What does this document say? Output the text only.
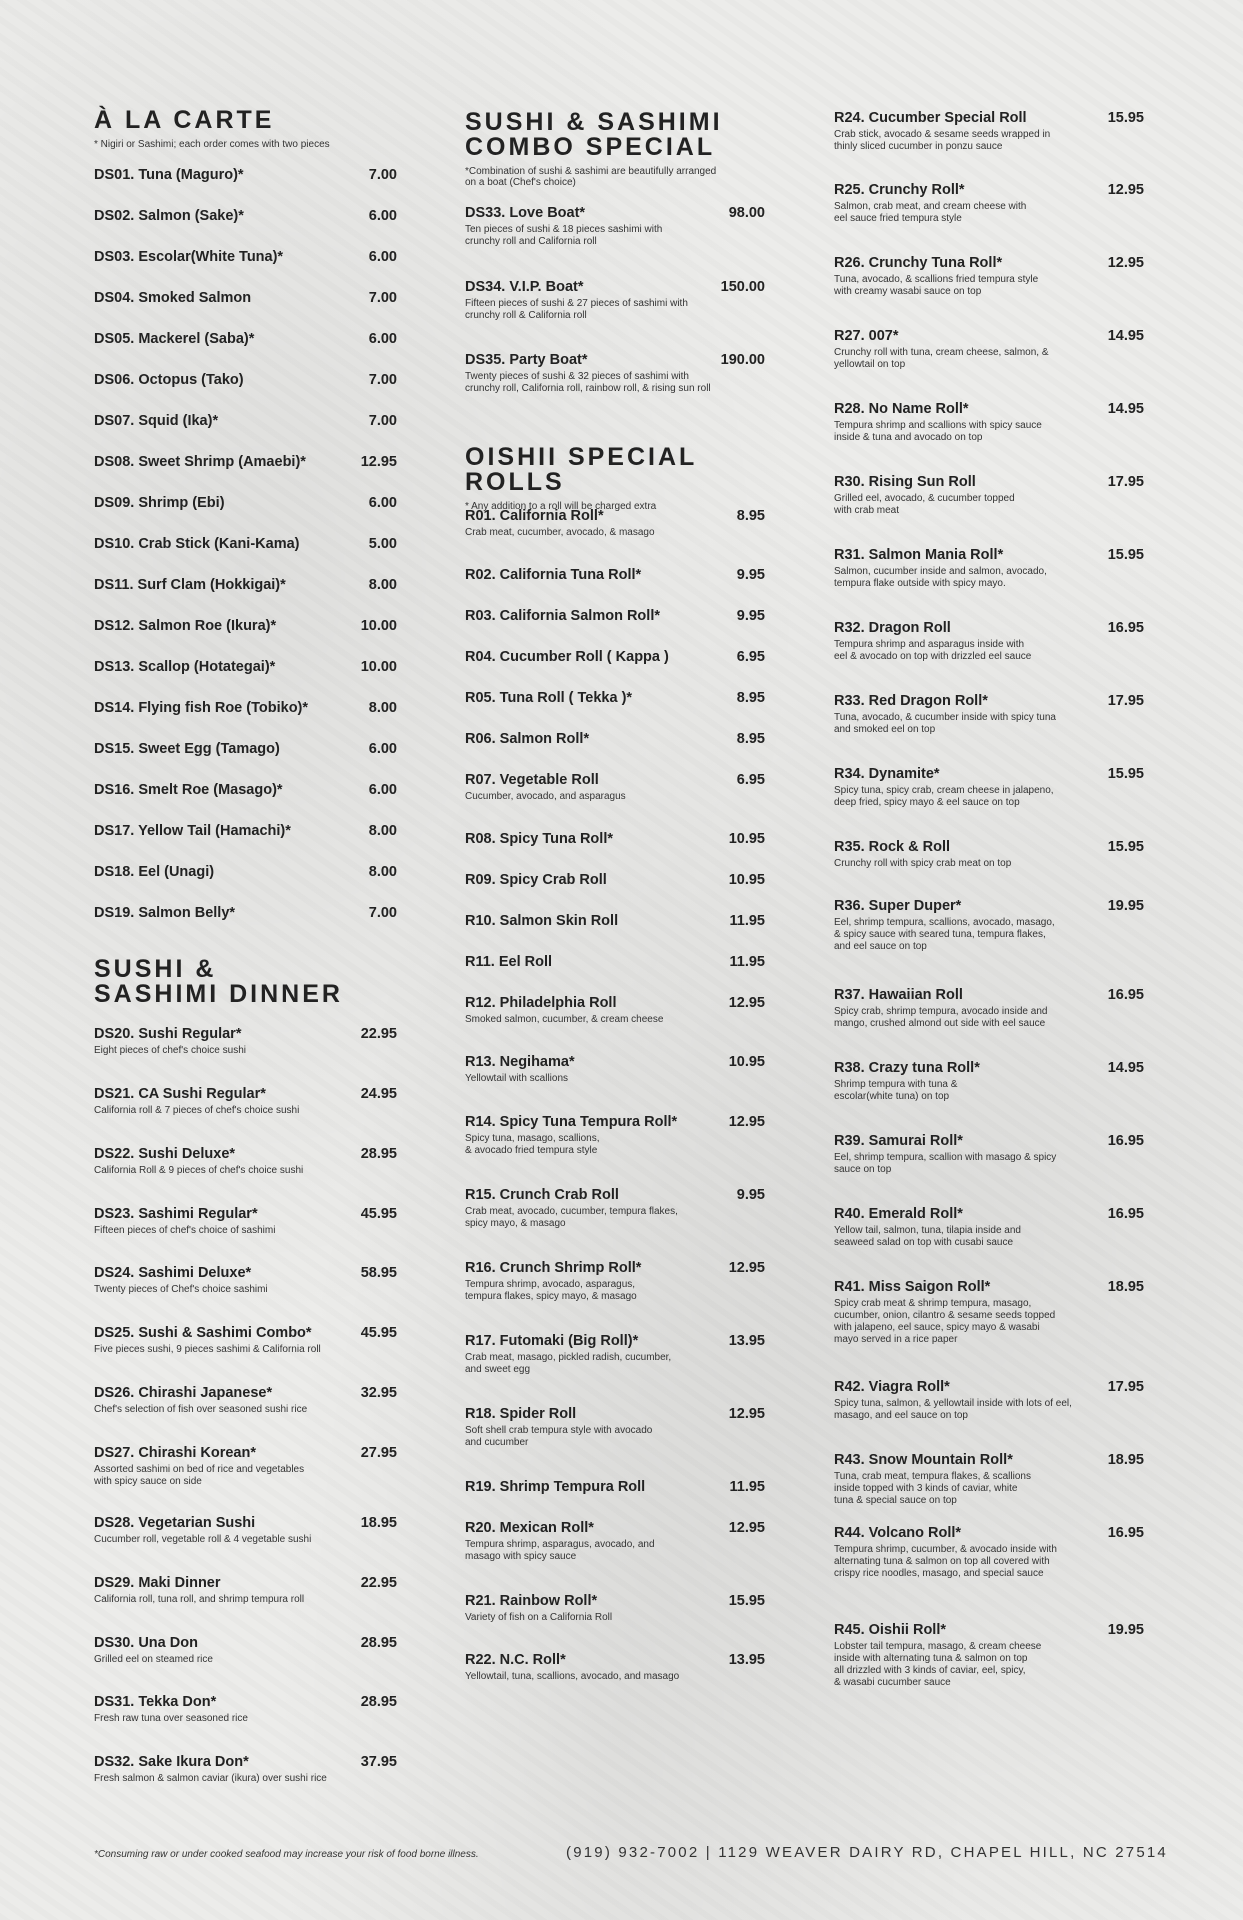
À LA CARTE
* Nigiri or Sashimi; each order comes with two pieces
DS01. Tuna (Maguro)*	7.00
DS02. Salmon (Sake)*	6.00
DS03. Escolar(White Tuna)*	6.00
DS04. Smoked Salmon	7.00
DS05. Mackerel (Saba)*	6.00
DS06. Octopus (Tako)	7.00
DS07. Squid (Ika)*	7.00
DS08. Sweet Shrimp (Amaebi)*	12.95
DS09. Shrimp (Ebi)	6.00
DS10. Crab Stick (Kani-Kama)	5.00
DS11. Surf Clam (Hokkigai)*	8.00
DS12. Salmon Roe (Ikura)*	10.00
DS13. Scallop (Hotategai)*	10.00
DS14. Flying fish Roe (Tobiko)*	8.00
DS15. Sweet Egg (Tamago)	6.00
DS16. Smelt Roe (Masago)*	6.00
DS17. Yellow Tail (Hamachi)*	8.00
DS18. Eel (Unagi)	8.00
DS19. Salmon Belly*	7.00
SUSHI &
SASHIMI DINNER
DS20. Sushi Regular*	22.95
Eight pieces of chef's choice sushi
DS21. CA Sushi Regular*	24.95
California roll & 7 pieces of chef's choice sushi
DS22. Sushi Deluxe*	28.95
California Roll & 9 pieces of chef's choice sushi
DS23. Sashimi Regular*	45.95
Fifteen pieces of chef's choice of sashimi
DS24. Sashimi Deluxe*	58.95
Twenty pieces of Chef's choice sashimi
DS25. Sushi & Sashimi Combo*	45.95
Five pieces sushi, 9 pieces sashimi & California roll
DS26. Chirashi Japanese*	32.95
Chef's selection of fish over seasoned sushi rice
DS27. Chirashi Korean*	27.95
Assorted sashimi on bed of rice and vegetables
with spicy sauce on side
DS28. Vegetarian Sushi	18.95
Cucumber roll, vegetable roll & 4 vegetable sushi
DS29. Maki Dinner	22.95
California roll, tuna roll, and shrimp tempura roll
DS30. Una Don	28.95
Grilled eel on steamed rice
DS31. Tekka Don*	28.95
Fresh raw tuna over seasoned rice
DS32. Sake Ikura Don*	37.95
Fresh salmon & salmon caviar (ikura) over sushi rice
SUSHI & SASHIMI
COMBO SPECIAL
*Combination of sushi & sashimi are beautifully arranged
on a boat (Chef's choice)
DS33. Love Boat*	98.00
Ten pieces of sushi & 18 pieces sashimi with
crunchy roll and California roll
DS34. V.I.P. Boat*	150.00
Fifteen pieces of sushi & 27 pieces of sashimi with
crunchy roll & California roll
DS35. Party Boat*	190.00
Twenty pieces of sushi & 32 pieces of sashimi with
crunchy roll, California roll, rainbow roll, & rising sun roll
OISHII SPECIAL ROLLS
* Any addition to a roll will be charged extra
R01. California Roll*	8.95
Crab meat, cucumber, avocado, & masago
R02. California Tuna Roll*	9.95
R03. California Salmon Roll*	9.95
R04. Cucumber Roll ( Kappa )	6.95
R05. Tuna Roll ( Tekka )*	8.95
R06. Salmon Roll*	8.95
R07. Vegetable Roll	6.95
Cucumber, avocado, and asparagus
R08. Spicy Tuna Roll*	10.95
R09. Spicy Crab Roll	10.95
R10. Salmon Skin Roll	11.95
R11. Eel Roll	11.95
R12. Philadelphia Roll	12.95
Smoked salmon, cucumber, & cream cheese
R13. Negihama*	10.95
Yellowtail with scallions
R14. Spicy Tuna Tempura Roll*	12.95
Spicy tuna, masago, scallions,
& avocado fried tempura style
R15. Crunch Crab Roll	9.95
Crab meat, avocado, cucumber, tempura flakes,
spicy mayo, & masago
R16. Crunch Shrimp Roll*	12.95
Tempura shrimp, avocado, asparagus,
tempura flakes, spicy mayo, & masago
R17. Futomaki (Big Roll)*	13.95
Crab meat, masago, pickled radish, cucumber,
and sweet egg
R18. Spider Roll	12.95
Soft shell crab tempura style with avocado
and cucumber
R19. Shrimp Tempura Roll	11.95
R20. Mexican Roll*	12.95
Tempura shrimp, asparagus, avocado, and
masago with spicy sauce
R21. Rainbow Roll*	15.95
Variety of fish on a California Roll
R22. N.C. Roll*	13.95
Yellowtail, tuna, scallions, avocado, and masago
R24. Cucumber Special Roll	15.95
Crab stick, avocado & sesame seeds wrapped in
thinly sliced cucumber in ponzu sauce
R25. Crunchy Roll*	12.95
Salmon, crab meat, and cream cheese with
eel sauce fried tempura style
R26. Crunchy Tuna Roll*	12.95
Tuna, avocado, & scallions fried tempura style
with creamy wasabi sauce on top
R27. 007*	14.95
Crunchy roll with tuna, cream cheese, salmon, &
yellowtail on top
R28. No Name Roll*	14.95
Tempura shrimp and scallions with spicy sauce
inside & tuna and avocado on top
R30. Rising Sun Roll	17.95
Grilled eel, avocado, & cucumber topped
with crab meat
R31. Salmon Mania Roll*	15.95
Salmon, cucumber inside and salmon, avocado,
tempura flake outside with spicy mayo.
R32. Dragon Roll	16.95
Tempura shrimp and asparagus inside with
eel & avocado on top with drizzled eel sauce
R33. Red Dragon Roll*	17.95
Tuna, avocado, & cucumber inside with spicy tuna
and smoked eel on top
R34. Dynamite*	15.95
Spicy tuna, spicy crab, cream cheese in jalapeno,
deep fried, spicy mayo & eel sauce on top
R35. Rock & Roll	15.95
Crunchy roll with spicy crab meat on top
R36. Super Duper*	19.95
Eel, shrimp tempura, scallions, avocado, masago,
& spicy sauce with seared tuna, tempura flakes,
and eel sauce on top
R37. Hawaiian Roll	16.95
Spicy crab, shrimp tempura, avocado inside and
mango, crushed almond out side with eel sauce
R38. Crazy tuna Roll*	14.95
Shrimp tempura with tuna &
escolar(white tuna) on top
R39. Samurai Roll*	16.95
Eel, shrimp tempura, scallion with masago & spicy
sauce on top
R40. Emerald Roll*	16.95
Yellow tail, salmon, tuna, tilapia inside and
seaweed salad on top with cusabi sauce
R41. Miss Saigon Roll*	18.95
Spicy crab meat & shrimp tempura, masago,
cucumber, onion, cilantro & sesame seeds topped
with jalapeno, eel sauce, spicy mayo & wasabi
mayo served in a rice paper
R42. Viagra Roll*	17.95
Spicy tuna, salmon, & yellowtail inside with lots of eel,
masago, and eel sauce on top
R43. Snow Mountain Roll*	18.95
Tuna, crab meat, tempura flakes, & scallions
inside topped with 3 kinds of caviar, white
tuna & special sauce on top
R44. Volcano Roll*	16.95
Tempura shrimp, cucumber, & avocado inside with
alternating tuna & salmon on top all covered with
crispy rice noodles, masago, and special sauce
R45. Oishii Roll*	19.95
Lobster tail tempura, masago, & cream cheese
inside with alternating tuna & salmon on top
all drizzled with 3 kinds of caviar, eel, spicy,
& wasabi cucumber sauce
*Consuming raw or under cooked seafood may increase your risk of food borne illness.	(919) 932-7002 | 1129 WEAVER DAIRY RD, CHAPEL HILL, NC 27514
